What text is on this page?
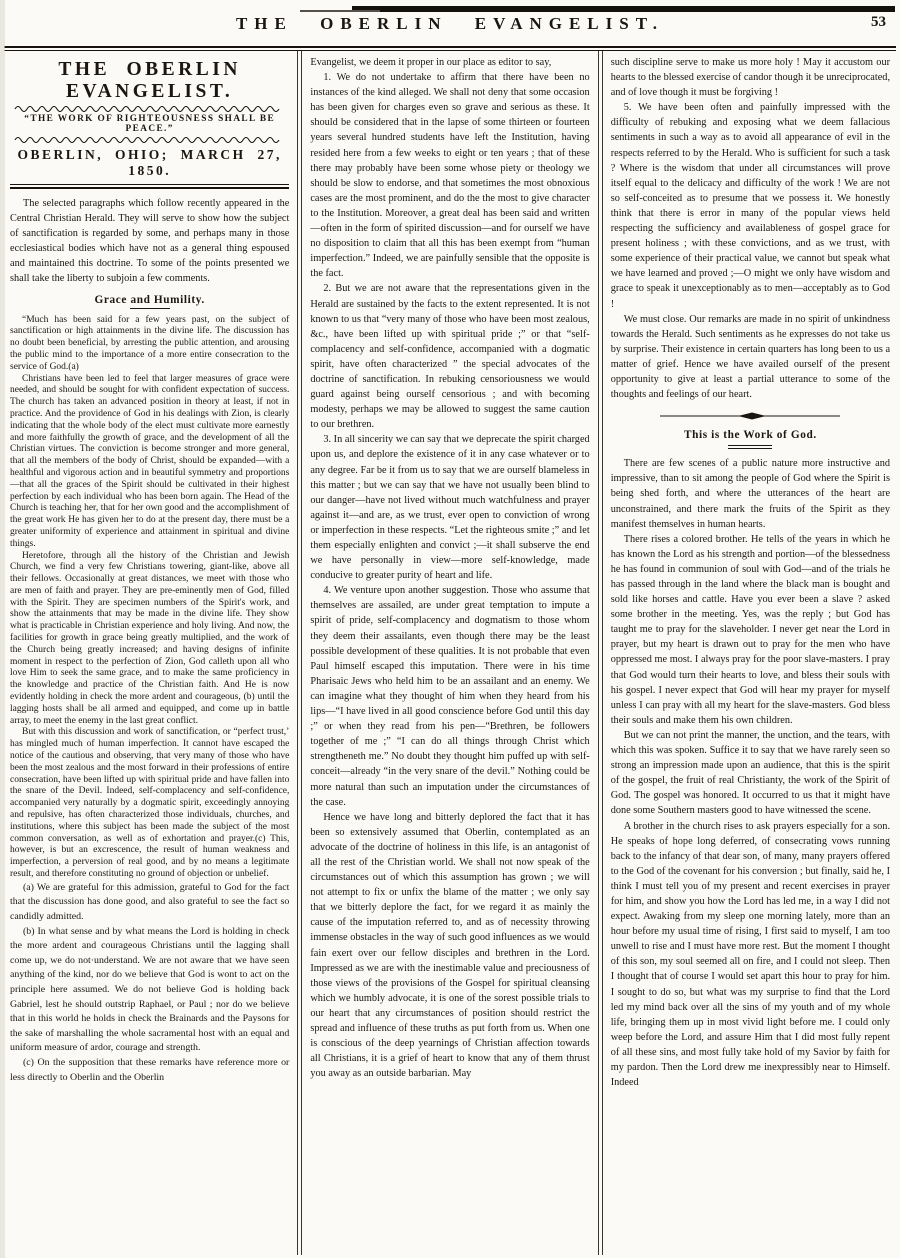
THE OBERLIN EVANGELIST.	53
THE OBERLIN EVANGELIST.
“THE WORK OF RIGHTEOUSNESS SHALL BE PEACE.”
OBERLIN, OHIO; MARCH 27, 1850.

The selected paragraphs which follow recently appeared in the Central Christian Herald. They will serve to show how the subject of sanctification is regarded by some, and perhaps many in those ecclesiastical bodies which have not as a general thing espoused and maintained this doctrine. To some of the points presented we shall take the liberty to subjoin a few comments.

Grace and Humility.

“Much has been said for a few years past, on the subject of sanctification or high attainments in the divine life. The discussion has no doubt been beneficial, by arresting the public attention, and arousing the public mind to the importance of a more entire consecration to the service of God.(a)

Christians have been led to feel that larger measures of grace were needed, and should be sought for with confident expectation of success. The church has taken an advanced position in theory at least, if not in practice. And the providence of God in his dealings with Zion, is clearly indicating that the whole body of the elect must cultivate more earnestly and more faithfully the growth of grace, and the development of all the Christian virtues. The conviction is become stronger and more general, that all the members of the body of Christ, should be expanded—with a healthful and vigorous action and in beautiful symmetry and proportions—that all the graces of the Spirit should be cultivated in their highest perfection by each individual who has been born again. The Head of the Church is teaching her, that for her own good and the accomplishment of the great work He has given her to do at the present day, there must be a greater uniformity of experience and attainment in spiritual and divine things.

Heretofore, through all the history of the Christian and Jewish Church, we find a very few Christians towering, giant-like, above all their fellows. Occasionally at great distances, we meet with those who are men of faith and prayer. They are pre-eminently men of God, filled with the Spirit. They are specimen numbers of the Spirit's work, and show the attainments that may be made in the divine life. They show what is practicable in Christian experience and holy living. And now, the facilities for growth in grace being greatly multiplied, and the work of the Church being greatly increased; and having designs of infinite moment in respect to the perfection of Zion, God calleth upon all who love Him to seek the same grace, and to make the same proficiency in the knowledge and practice of the Christian faith. And He is now evidently holding in check the more ardent and courageous, (b) until the lagging hosts shall be all armed and equipped, and come up in battle array, to meet the enemy in the last great conflict.

But with this discussion and work of sanctification, or “perfect trust,’ has mingled much of human imperfection. It cannot have escaped the notice of the cautious and observing, that very many of those who have been the most zealous and the most forward in their professions of entire consecration, have been lifted up with spiritual pride and have fallen into the snare of the Devil. Indeed, self-complacency and self-confidence, accompanied very naturally by a dogmatic spirit, exceedingly annoying and repulsive, has often characterized those individuals, churches, and institutions, where this subject has been made the subject of the most common conversation, as well as of exhortation and prayer.(c) This, however, is but an excrescence, the result of human weakness and imperfection, a perversion of real good, and by no means a legitimate result, and therefore constituting no ground of objection or unbelief.

(a) We are grateful for this admission, grateful to God for the fact that the discussion has done good, and also grateful to see the fact so candidly admitted.

(b) In what sense and by what means the Lord is holding in check the more ardent and courageous Christians until the lagging shall come up, we do not·understand. We are not aware that we have seen anything of the kind, nor do we believe that God is wont to act on the principle here assumed. We do not believe God is holding back Gabriel, lest he should outstrip Raphael, or Paul ; nor do we believe that in this world he holds in check the Brainards and the Paysons for the sake of marshalling the whole sacramental host with an equal and uniform measure of ardor, courage and strength.

(c) On the supposition that these remarks have reference more or less directly to Oberlin and the Oberlin

Evangelist, we deem it proper in our place as editor to say,

1. We do not undertake to affirm that there have been no instances of the kind alleged. We shall not deny that some occasion has been given for charges even so grave and serious as these. It should be considered that in the lapse of some thirteen or fourteen years several hundred students have left the Institution, having resided here from a few weeks to eight or ten years ; that of these there may probably have been some whose piety or theology we should be slow to endorse, and that sometimes the most obnoxious cases are the most prominent, and do the the most to give character to the Institution. Moreover, a great deal has been said and written—often in the form of spirited discussion—and for ourself we have no disposition to claim that all this has been exempt from “human imperfection.” Indeed, we are painfully sensible that the opposite is the fact.

2. But we are not aware that the representations given in the Herald are sustained by the facts to the extent represented. It is not known to us that “very many of those who have been most zealous, &c., have been lifted up with spiritual pride ;” or that “self-complacency and self-confidence, accompanied with a dogmatic spirit, have often characterized ” the special advocates of the doctrine of sanctification. In rebuking censoriousness we would guard against being ourself censorious ; and with becoming modesty, perhaps we may be allowed to suggest the same caution to our brethren.

3. In all sincerity we can say that we deprecate the spirit charged upon us, and deplore the existence of it in any case whatever or to any degree. Far be it from us to say that we are ourself blameless in this matter ; but we can say that we have not usually been blind to our danger—have not lived without much watchfulness and prayer against it—and are, as we trust, ever open to conviction of wrong or imperfection in these respects. “Let the righteous smite ;” and let them especially enlighten and convict ;—it shall subserve the end we have personally in view—more self-knowledge, made conducive to greater purity of heart and life.

4. We venture upon another suggestion. Those who assume that themselves are assailed, are under great temptation to impute a spirit of pride, self-complacency and dogmatism to those whom they deem their assailants, even though there may be the least possible development of these qualities. It is not probable that even Paul himself escaped this imputation. There were in his time Pharisaic Jews who held him to be an assailant and an enemy. We can imagine what they thought of him when they heard from his lips—“I have lived in all good conscience before God until this day ;” or when they read from his pen—“Brethren, be followers together of me ;” “I can do all things through Christ which strengtheneth me.” No doubt they thought him puffed up with self-conceit—already “in the very snare of the devil.” Nothing could be more natural than such an imputation under the circumstances of the case.

Hence we have long and bitterly deplored the fact that it has been so extensively assumed that Oberlin, contemplated as an advocate of the doctrine of holiness in this life, is an antagonist of all the rest of the Christian world. We shall not now speak of the circumstances out of which this assumption has grown ; we will not attempt to fix or unfix the blame of the matter ; we only say that we bitterly deplore the fact, for we regard it as mainly the cause of the imputation referred to, and as of necessity throwing immense obstacles in the way of such good influences as we would fain exert over our fellow disciples and brethren in the Lord. Impressed as we are with the inestimable value and preciousness of those views of the provisions of the Gospel for spiritual cleansing which we humbly advocate, it is one of the sorest possible trials to our heart that any circumstances of position should restrict the spread and influence of these truths as put forth from us. When one is conscious of the deep yearnings of Christian affection towards all Christians, it is a grief of heart to know that any of them thrust you away as an outside barbarian. May

such discipline serve to make us more holy ! May it accustom our hearts to the blessed exercise of candor though it be unreciprocated, and of love though it must be forgiving !

5. We have been often and painfully impressed with the difficulty of rebuking and exposing what we deem fallacious sentiments in such a way as to avoid all appearance of evil in the respects referred to by the Herald. Who is sufficient for such a task ? Where is the wisdom that under all circumstances will prove itself equal to the delicacy and difficulty of the work ! We are not so self-conceited as to presume that we possess it. We honestly think that there is error in many of the popular views held respecting the sufficiency and availableness of gospel grace for present holiness ; with these convictions, and as we trust, with some experience of their practical value, we cannot but speak what we have learned and proved ;—O might we only have wisdom and grace to speak it unexceptionably as to men—acceptably as to God !

We must close. Our remarks are made in no spirit of unkindness towards the Herald. Such sentiments as he expresses do not take us by surprise. Their existence in certain quarters has long been to us a matter of grief. Hence we have availed ourself of the present opportunity to give at least a partial utterance to some of the thoughts and feelings of our heart.

This is the Work of God.

There are few scenes of a public nature more instructive and impressive, than to sit among the people of God where the Spirit is being shed forth, and where the utterances of the heart are unconstrained, and there mark the fruits of the Spirit as they manifest themselves in human hearts.

There rises a colored brother. He tells of the years in which he has known the Lord as his strength and portion—of the blessedness he has found in communion of soul with God—and of the trials he has passed through in the land where the black man is bought and sold like horses and cattle. Have you ever been a slave ? asked some brother in the meeting. Yes, was the reply ; but God has taught me to pray for the slaveholder. I never get near the Lord in prayer, but my heart is drawn out to pray for the men who have oppressed me most. I always pray for the poor slave-masters. I pray that God would turn their hearts to love, and bless their souls with his gospel. I never expect that God will hear my prayer for myself unless I can pray with all my heart for the slave-masters. God bless their souls and make them his own children.

But we can not print the manner, the unction, and the tears, with which this was spoken. Suffice it to say that we have rarely seen so strong an impression made upon an audience, that this is the spirit of the gospel, the fruit of real Christianty, the work of the Spirit of God. The gospel was honored. It occurred to us that it might have done some Southern masters good to have witnessed the scene.

A brother in the church rises to ask prayers especially for a son. He speaks of hope long deferred, of consecrating vows running back to the infancy of that dear son, of many, many prayers offered to the God of the covenant for his conversion ; but finally, said he, I think I must tell you of my present and recent exercises in prayer for him, and show you how the Lord has led me, in a way I did not expect. Awaking from my sleep one morning lately, more than an hour before my usual time of rising, I first said to myself, I am too unwell to rise and I must have more rest. But the moment I thought of this son, my soul seemed all on fire, and I could not sleep. Then I thought that of course I would set apart this hour to pray for him. I sought to do so, but what was my surprise to find that the Lord led my mind back over all the sins of my youth and of my whole life, bringing them up in most vivid light before me. I could only weep before the Lord, and assure Him that I did most fully repent of all these sins, and most fully take hold of my Savior by faith for my pardon. Then the Lord drew me inexpressibly near to Himself. Indeed
